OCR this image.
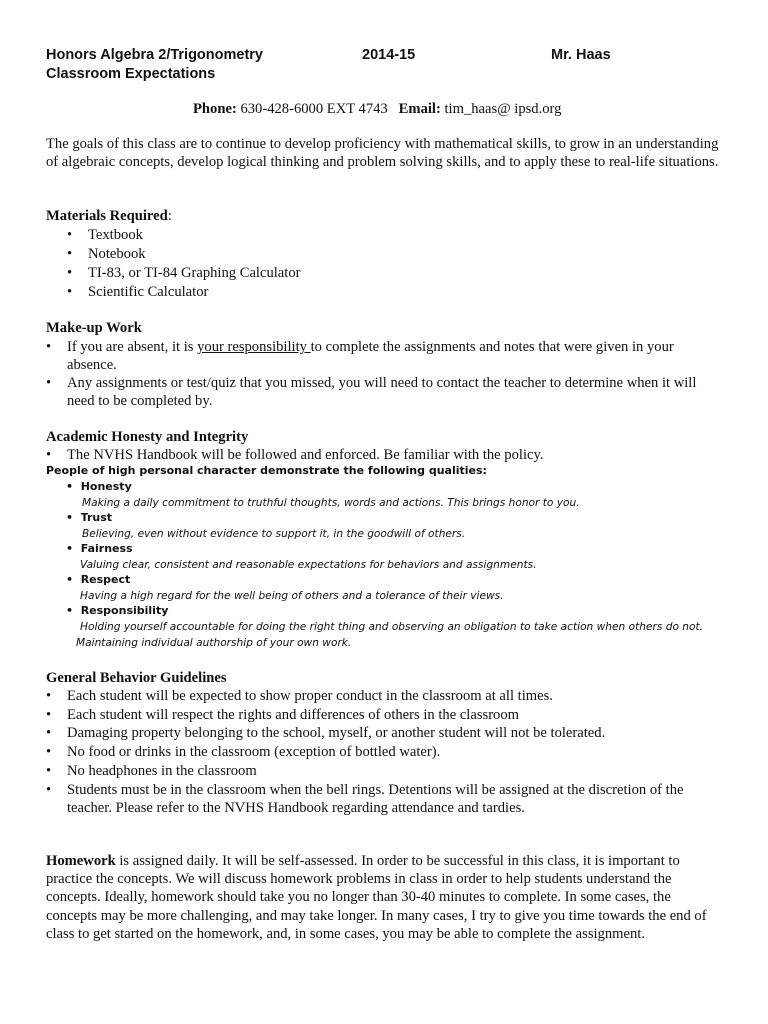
Honors Algebra 2/Trigonometry	2014-15	Mr. Haas
Classroom Expectations
Phone: 630-428-6000 EXT 4743 Email: tim_haas@ ipsd.org
The goals of this class are to continue to develop proficiency with mathematical skills, to grow in an understanding of algebraic concepts, develop logical thinking and problem solving skills, and to apply these to real-life situations.
Materials Required:
• Textbook
• Notebook
• TI-83, or TI-84 Graphing Calculator
• Scientific Calculator
Make-up Work
• If you are absent, it is your responsibility to complete the assignments and notes that were given in your absence.
• Any assignments or test/quiz that you missed, you will need to contact the teacher to determine when it will need to be completed by.
Academic Honesty and Integrity
• The NVHS Handbook will be followed and enforced. Be familiar with the policy.
People of high personal character demonstrate the following qualities:
• Honesty
Making a daily commitment to truthful thoughts, words and actions. This brings honor to you.
• Trust
Believing, even without evidence to support it, in the goodwill of others.
• Fairness
Valuing clear, consistent and reasonable expectations for behaviors and assignments.
• Respect
Having a high regard for the well being of others and a tolerance of their views.
• Responsibility
Holding yourself accountable for doing the right thing and observing an obligation to take action when others do not.
Maintaining individual authorship of your own work.
General Behavior Guidelines
• Each student will be expected to show proper conduct in the classroom at all times.
• Each student will respect the rights and differences of others in the classroom
• Damaging property belonging to the school, myself, or another student will not be tolerated.
• No food or drinks in the classroom (exception of bottled water).
• No headphones in the classroom
• Students must be in the classroom when the bell rings. Detentions will be assigned at the discretion of the teacher. Please refer to the NVHS Handbook regarding attendance and tardies.
Homework is assigned daily. It will be self-assessed. In order to be successful in this class, it is important to practice the concepts. We will discuss homework problems in class in order to help students understand the concepts. Ideally, homework should take you no longer than 30-40 minutes to complete. In some cases, the concepts may be more challenging, and may take longer. In many cases, I try to give you time towards the end of class to get started on the homework, and, in some cases, you may be able to complete the assignment.
